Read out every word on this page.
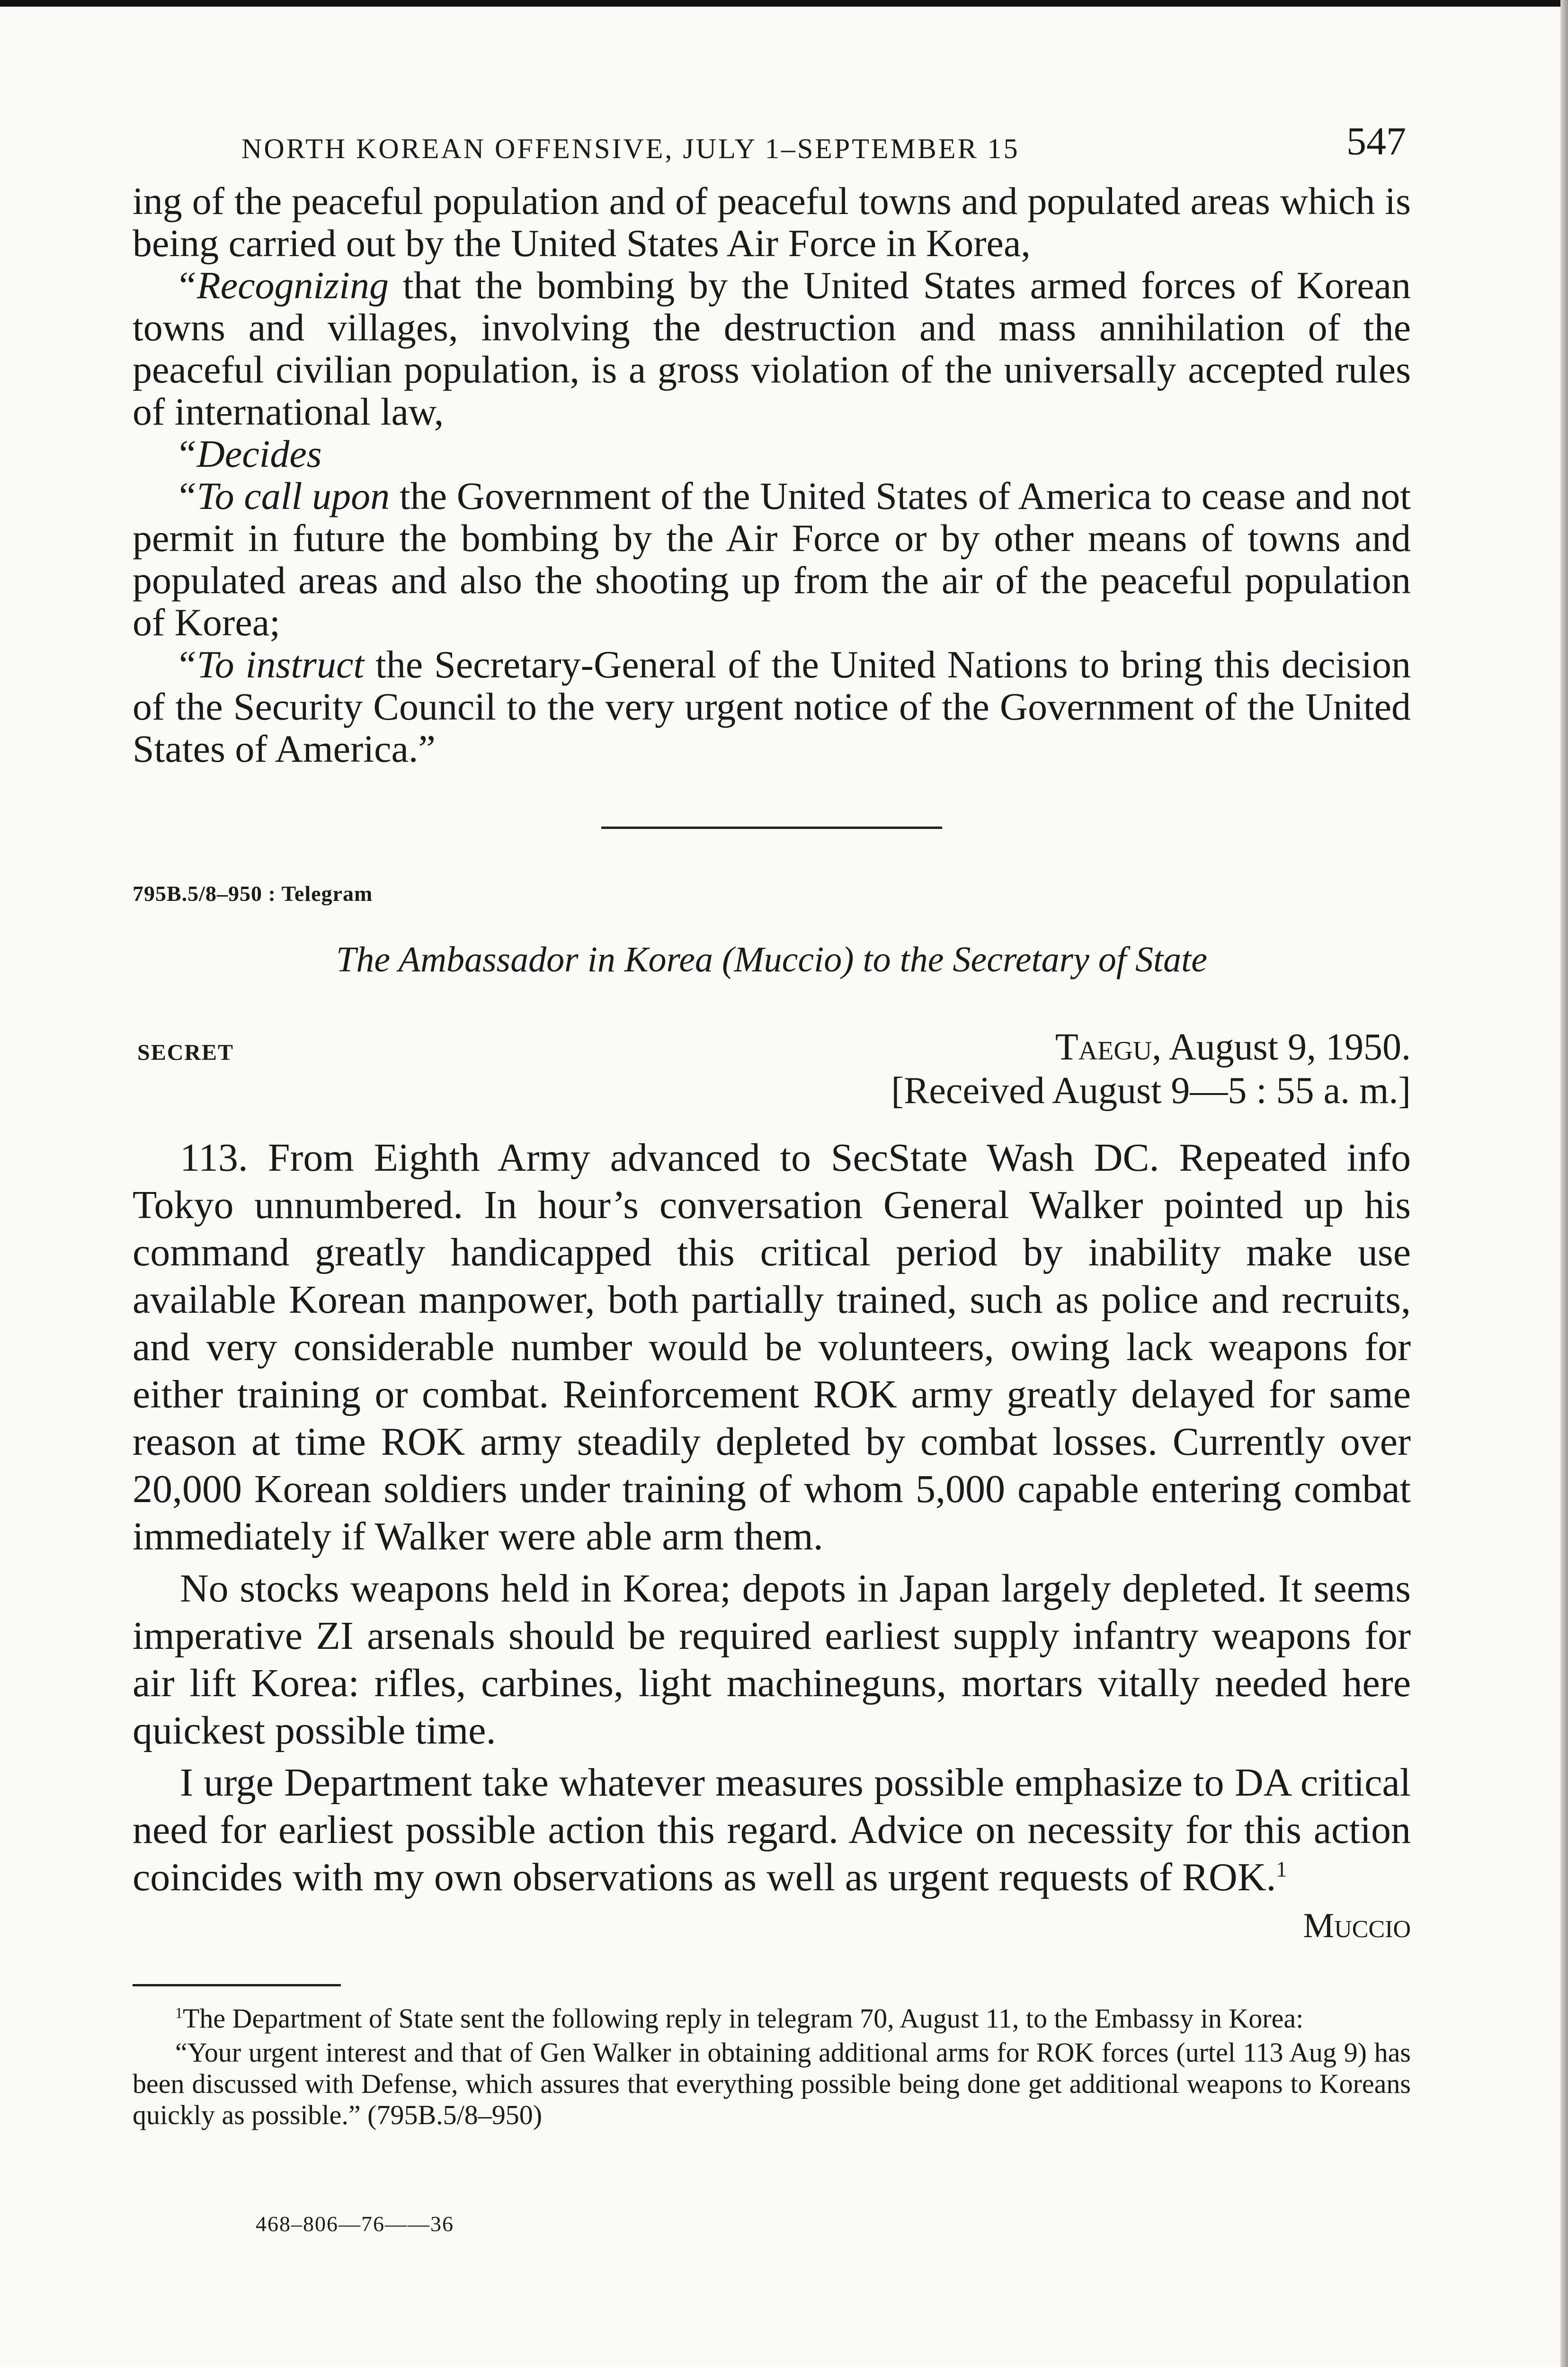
NORTH KOREAN OFFENSIVE, JULY 1–SEPTEMBER 15	547

ing of the peaceful population and of peaceful towns and populated areas which is being carried out by the United States Air Force in Korea,

“Recognizing that the bombing by the United States armed forces of Korean towns and villages, involving the destruction and mass annihilation of the peaceful civilian population, is a gross violation of the universally accepted rules of international law,

“Decides

“To call upon the Government of the United States of America to cease and not permit in future the bombing by the Air Force or by other means of towns and populated areas and also the shooting up from the air of the peaceful population of Korea;

“To instruct the Secretary-General of the United Nations to bring this decision of the Security Council to the very urgent notice of the Government of the United States of America.”

795B.5/8–950 : Telegram
The Ambassador in Korea (Muccio) to the Secretary of State
SECRET	Taegu, August 9, 1950.
[Received August 9—5 : 55 a. m.]

113. From Eighth Army advanced to SecState Wash DC. Repeated info Tokyo unnumbered. In hour’s conversation General Walker pointed up his command greatly handicapped this critical period by inability make use available Korean manpower, both partially trained, such as police and recruits, and very considerable number would be volunteers, owing lack weapons for either training or combat. Reinforcement ROK army greatly delayed for same reason at time ROK army steadily depleted by combat losses. Currently over 20,000 Korean soldiers under training of whom 5,000 capable entering combat immediately if Walker were able arm them.

No stocks weapons held in Korea; depots in Japan largely depleted. It seems imperative ZI arsenals should be required earliest supply infantry weapons for air lift Korea: rifles, carbines, light machineguns, mortars vitally needed here quickest possible time.

I urge Department take whatever measures possible emphasize to DA critical need for earliest possible action this regard. Advice on necessity for this action coincides with my own observations as well as urgent requests of ROK.$^1$

Muccio

$^1$The Department of State sent the following reply in telegram 70, August 11, to the Embassy in Korea:

“Your urgent interest and that of Gen Walker in obtaining additional arms for ROK forces (urtel 113 Aug 9) has been discussed with Defense, which assures that everything possible being done get additional weapons to Koreans quickly as possible.” (795B.5/8–950)

468–806—76——36
